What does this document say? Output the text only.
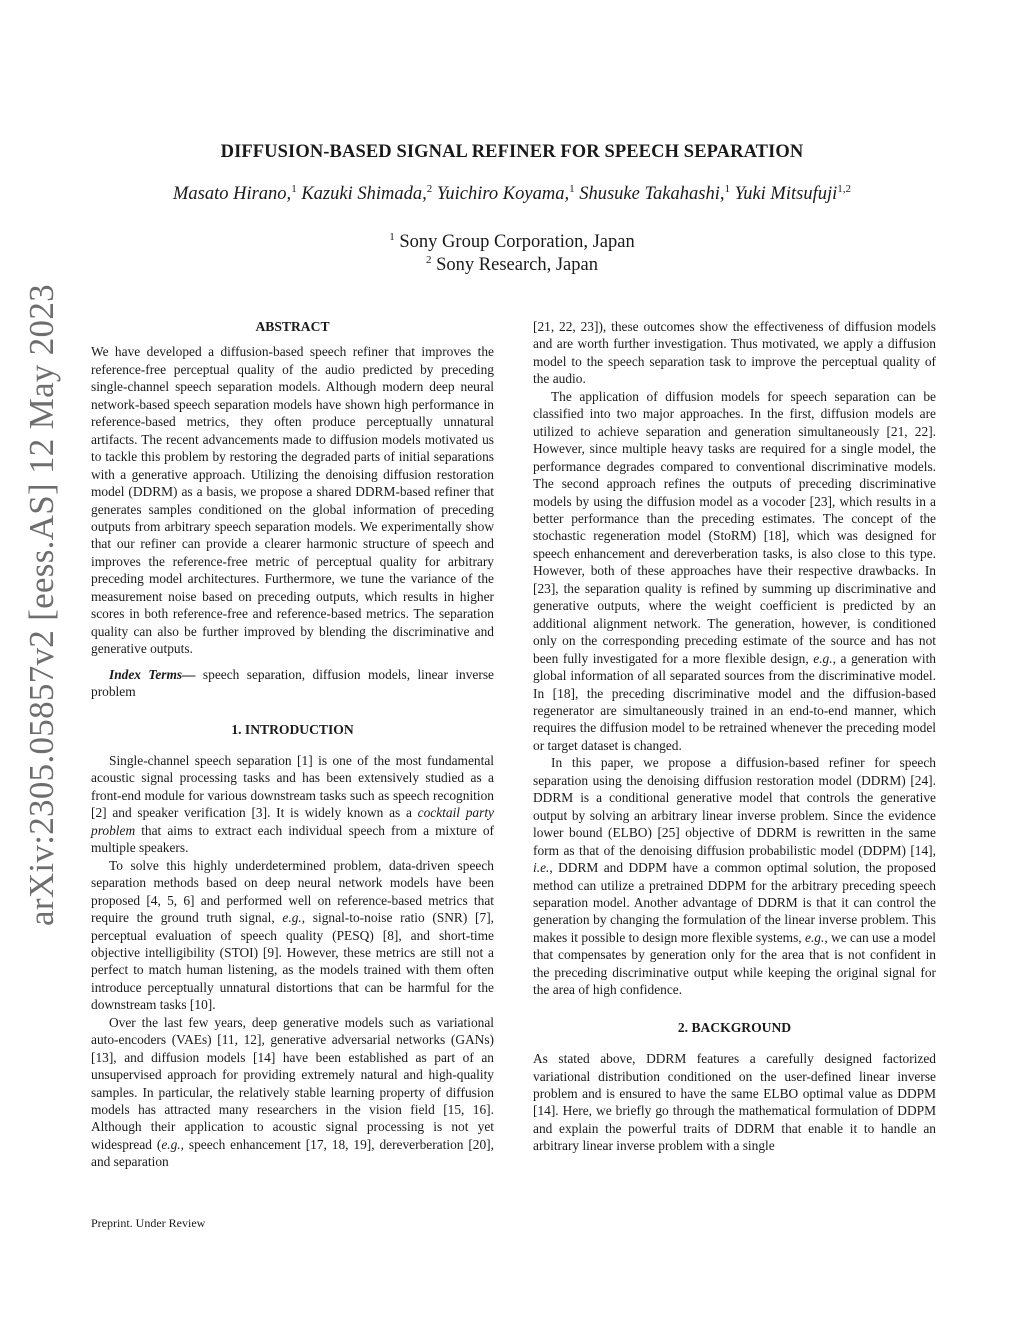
arXiv:2305.05857v2 [eess.AS] 12 May 2023
DIFFUSION-BASED SIGNAL REFINER FOR SPEECH SEPARATION
Masato Hirano,$^1$ Kazuki Shimada,$^2$ Yuichiro Koyama,$^1$ Shusuke Takahashi,$^1$ Yuki Mitsufuji$^{1,2}$
$^1$ Sony Group Corporation, Japan
$^2$ Sony Research, Japan
ABSTRACT

We have developed a diffusion-based speech refiner that improves the reference-free perceptual quality of the audio predicted by preceding single-channel speech separation models. Although modern deep neural network-based speech separation models have shown high performance in reference-based metrics, they often produce perceptually unnatural artifacts. The recent advancements made to diffusion models motivated us to tackle this problem by restoring the degraded parts of initial separations with a generative approach. Utilizing the denoising diffusion restoration model (DDRM) as a basis, we propose a shared DDRM-based refiner that generates samples conditioned on the global information of preceding outputs from arbitrary speech separation models. We experimentally show that our refiner can provide a clearer harmonic structure of speech and improves the reference-free metric of perceptual quality for arbitrary preceding model architectures. Furthermore, we tune the variance of the measurement noise based on preceding outputs, which results in higher scores in both reference-free and reference-based metrics. The separation quality can also be further improved by blending the discriminative and generative outputs.

Index Terms— speech separation, diffusion models, linear inverse problem

1. INTRODUCTION

Single-channel speech separation [1] is one of the most fundamental acoustic signal processing tasks and has been extensively studied as a front-end module for various downstream tasks such as speech recognition [2] and speaker verification [3]. It is widely known as a cocktail party problem that aims to extract each individual speech from a mixture of multiple speakers.

To solve this highly underdetermined problem, data-driven speech separation methods based on deep neural network models have been proposed [4, 5, 6] and performed well on reference-based metrics that require the ground truth signal, e.g., signal-to-noise ratio (SNR) [7], perceptual evaluation of speech quality (PESQ) [8], and short-time objective intelligibility (STOI) [9]. However, these metrics are still not a perfect to match human listening, as the models trained with them often introduce perceptually unnatural distortions that can be harmful for the downstream tasks [10].

Over the last few years, deep generative models such as variational auto-encoders (VAEs) [11, 12], generative adversarial networks (GANs) [13], and diffusion models [14] have been established as part of an unsupervised approach for providing extremely natural and high-quality samples. In particular, the relatively stable learning property of diffusion models has attracted many researchers in the vision field [15, 16]. Although their application to acoustic signal processing is not yet widespread (e.g., speech enhancement [17, 18, 19], dereverberation [20], and separation

[21, 22, 23]), these outcomes show the effectiveness of diffusion models and are worth further investigation. Thus motivated, we apply a diffusion model to the speech separation task to improve the perceptual quality of the audio.

The application of diffusion models for speech separation can be classified into two major approaches. In the first, diffusion models are utilized to achieve separation and generation simultaneously [21, 22]. However, since multiple heavy tasks are required for a single model, the performance degrades compared to conventional discriminative models. The second approach refines the outputs of preceding discriminative models by using the diffusion model as a vocoder [23], which results in a better performance than the preceding estimates. The concept of the stochastic regeneration model (StoRM) [18], which was designed for speech enhancement and dereverberation tasks, is also close to this type. However, both of these approaches have their respective drawbacks. In [23], the separation quality is refined by summing up discriminative and generative outputs, where the weight coefficient is predicted by an additional alignment network. The generation, however, is conditioned only on the corresponding preceding estimate of the source and has not been fully investigated for a more flexible design, e.g., a generation with global information of all separated sources from the discriminative model. In [18], the preceding discriminative model and the diffusion-based regenerator are simultaneously trained in an end-to-end manner, which requires the diffusion model to be retrained whenever the preceding model or target dataset is changed.

In this paper, we propose a diffusion-based refiner for speech separation using the denoising diffusion restoration model (DDRM) [24]. DDRM is a conditional generative model that controls the generative output by solving an arbitrary linear inverse problem. Since the evidence lower bound (ELBO) [25] objective of DDRM is rewritten in the same form as that of the denoising diffusion probabilistic model (DDPM) [14], i.e., DDRM and DDPM have a common optimal solution, the proposed method can utilize a pretrained DDPM for the arbitrary preceding speech separation model. Another advantage of DDRM is that it can control the generation by changing the formulation of the linear inverse problem. This makes it possible to design more flexible systems, e.g., we can use a model that compensates by generation only for the area that is not confident in the preceding discriminative output while keeping the original signal for the area of high confidence.

2. BACKGROUND

As stated above, DDRM features a carefully designed factorized variational distribution conditioned on the user-defined linear inverse problem and is ensured to have the same ELBO optimal value as DDPM [14]. Here, we briefly go through the mathematical formulation of DDPM and explain the powerful traits of DDRM that enable it to handle an arbitrary linear inverse problem with a single

Preprint. Under Review
